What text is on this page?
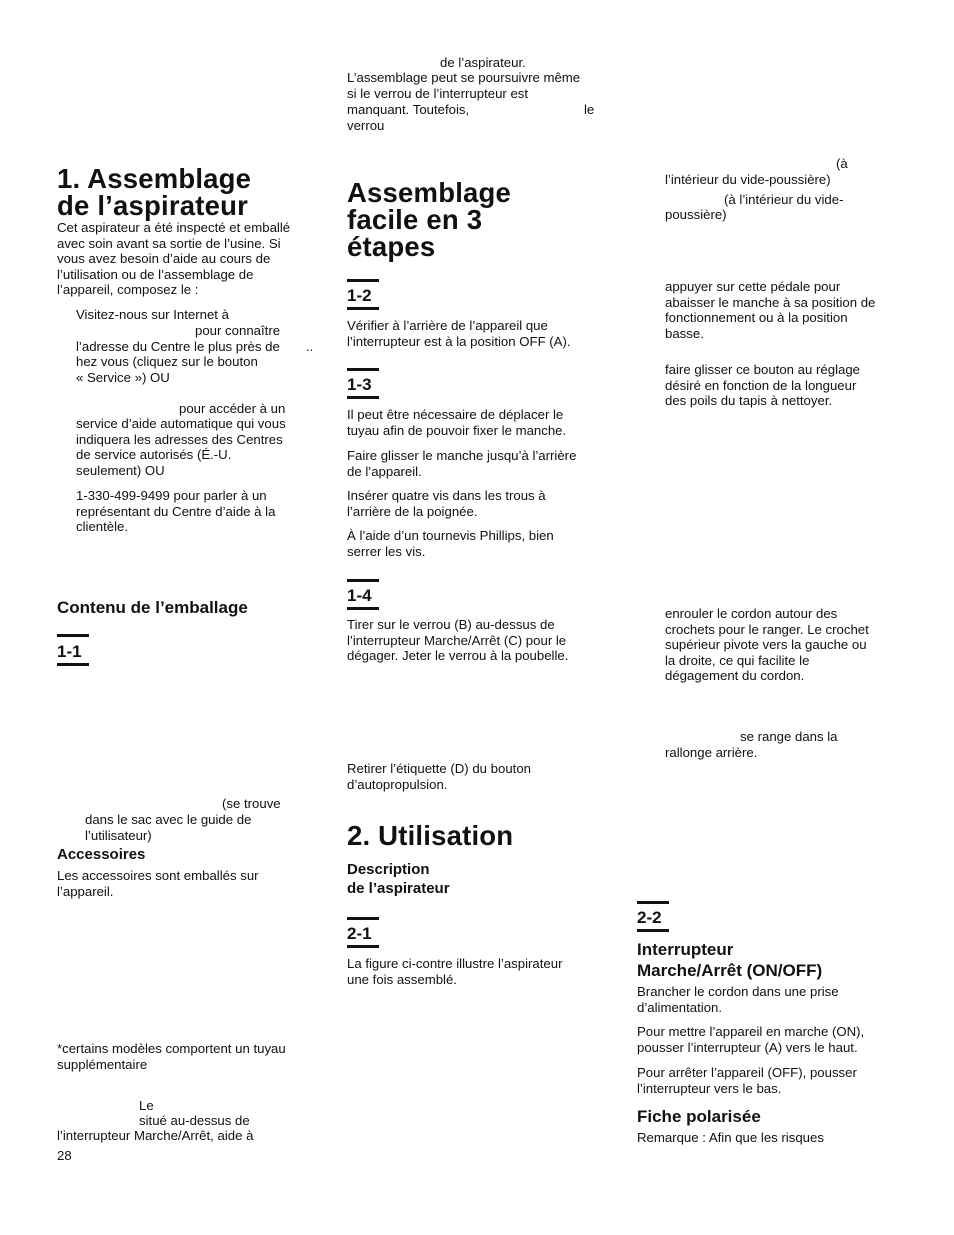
1. Assemblage
de l’aspirateur

Cet aspirateur a été inspecté et emballé
avec soin avant sa sortie de l’usine. Si
vous avez besoin d’aide au cours de
l’utilisation ou de l’assemblage de
l’appareil, composez le :

Visitez-nous sur Internet à
pour connaître
l’adresse du Centre le plus près de ..
hez vous (cliquez sur le bouton
« Service ») OU
pour accéder à un
service d’aide automatique qui vous
indiquera les adresses des Centres
de service autorisés (É.-U.
seulement) OU

1-330-499-9499 pour parler à un
représentant du Centre d’aide à la
clientèle.

Contenu de l’emballage
1-1
(se trouve
dans le sac avec le guide de
l’utilisateur)
Accessoires

Les accessoires sont emballés sur
l’appareil.

*certains modèles comportent un tuyau
supplémentaire

Le
situé au-dessus de
l’interrupteur Marche/Arrêt, aide à
28
de l’aspirateur.
L’assemblage peut se poursuivre même
si le verrou de l’interrupteur est
manquant. Toutefois,	le
verrou
Assemblage
facile en 3
étapes
1-2

Vérifier à l’arrière de l’appareil que
l’interrupteur est à la position OFF (A).

1-3

Il peut être nécessaire de déplacer le
tuyau afin de pouvoir fixer le manche.

Faire glisser le manche jusqu’à l’arrière
de l’appareil.

Insérer quatre vis dans les trous à
l’arrière de la poignée.

À l’aide d’un tournevis Phillips, bien
serrer les vis.

1-4

Tirer sur le verrou (B) au-dessus de
l’interrupteur Marche/Arrêt (C) pour le
dégager. Jeter le verrou à la poubelle.

Retirer l’étiquette (D) du bouton
d’autopropulsion.

2. Utilisation
Description
de l’aspirateur
2-1

La figure ci-contre illustre l’aspirateur
une fois assemblé.

(à
l’intérieur du vide-poussière)
(à l’intérieur du vide-
poussière)

appuyer sur cette pédale pour
abaisser le manche à sa position de
fonctionnement ou à la position
basse.

faire glisser ce bouton au réglage
désiré en fonction de la longueur
des poils du tapis à nettoyer.

enrouler le cordon autour des
crochets pour le ranger. Le crochet
supérieur pivote vers la gauche ou
la droite, ce qui facilite le
dégagement du cordon.

se range dans la
rallonge arrière.
2-2
Interrupteur
Marche/Arrêt (ON/OFF)

Brancher le cordon dans une prise
d’alimentation.

Pour mettre l’appareil en marche (ON),
pousser l’interrupteur (A) vers le haut.

Pour arrêter l’appareil (OFF), pousser
l’interrupteur vers le bas.

Fiche polarisée
Remarque : Afin que les risques
